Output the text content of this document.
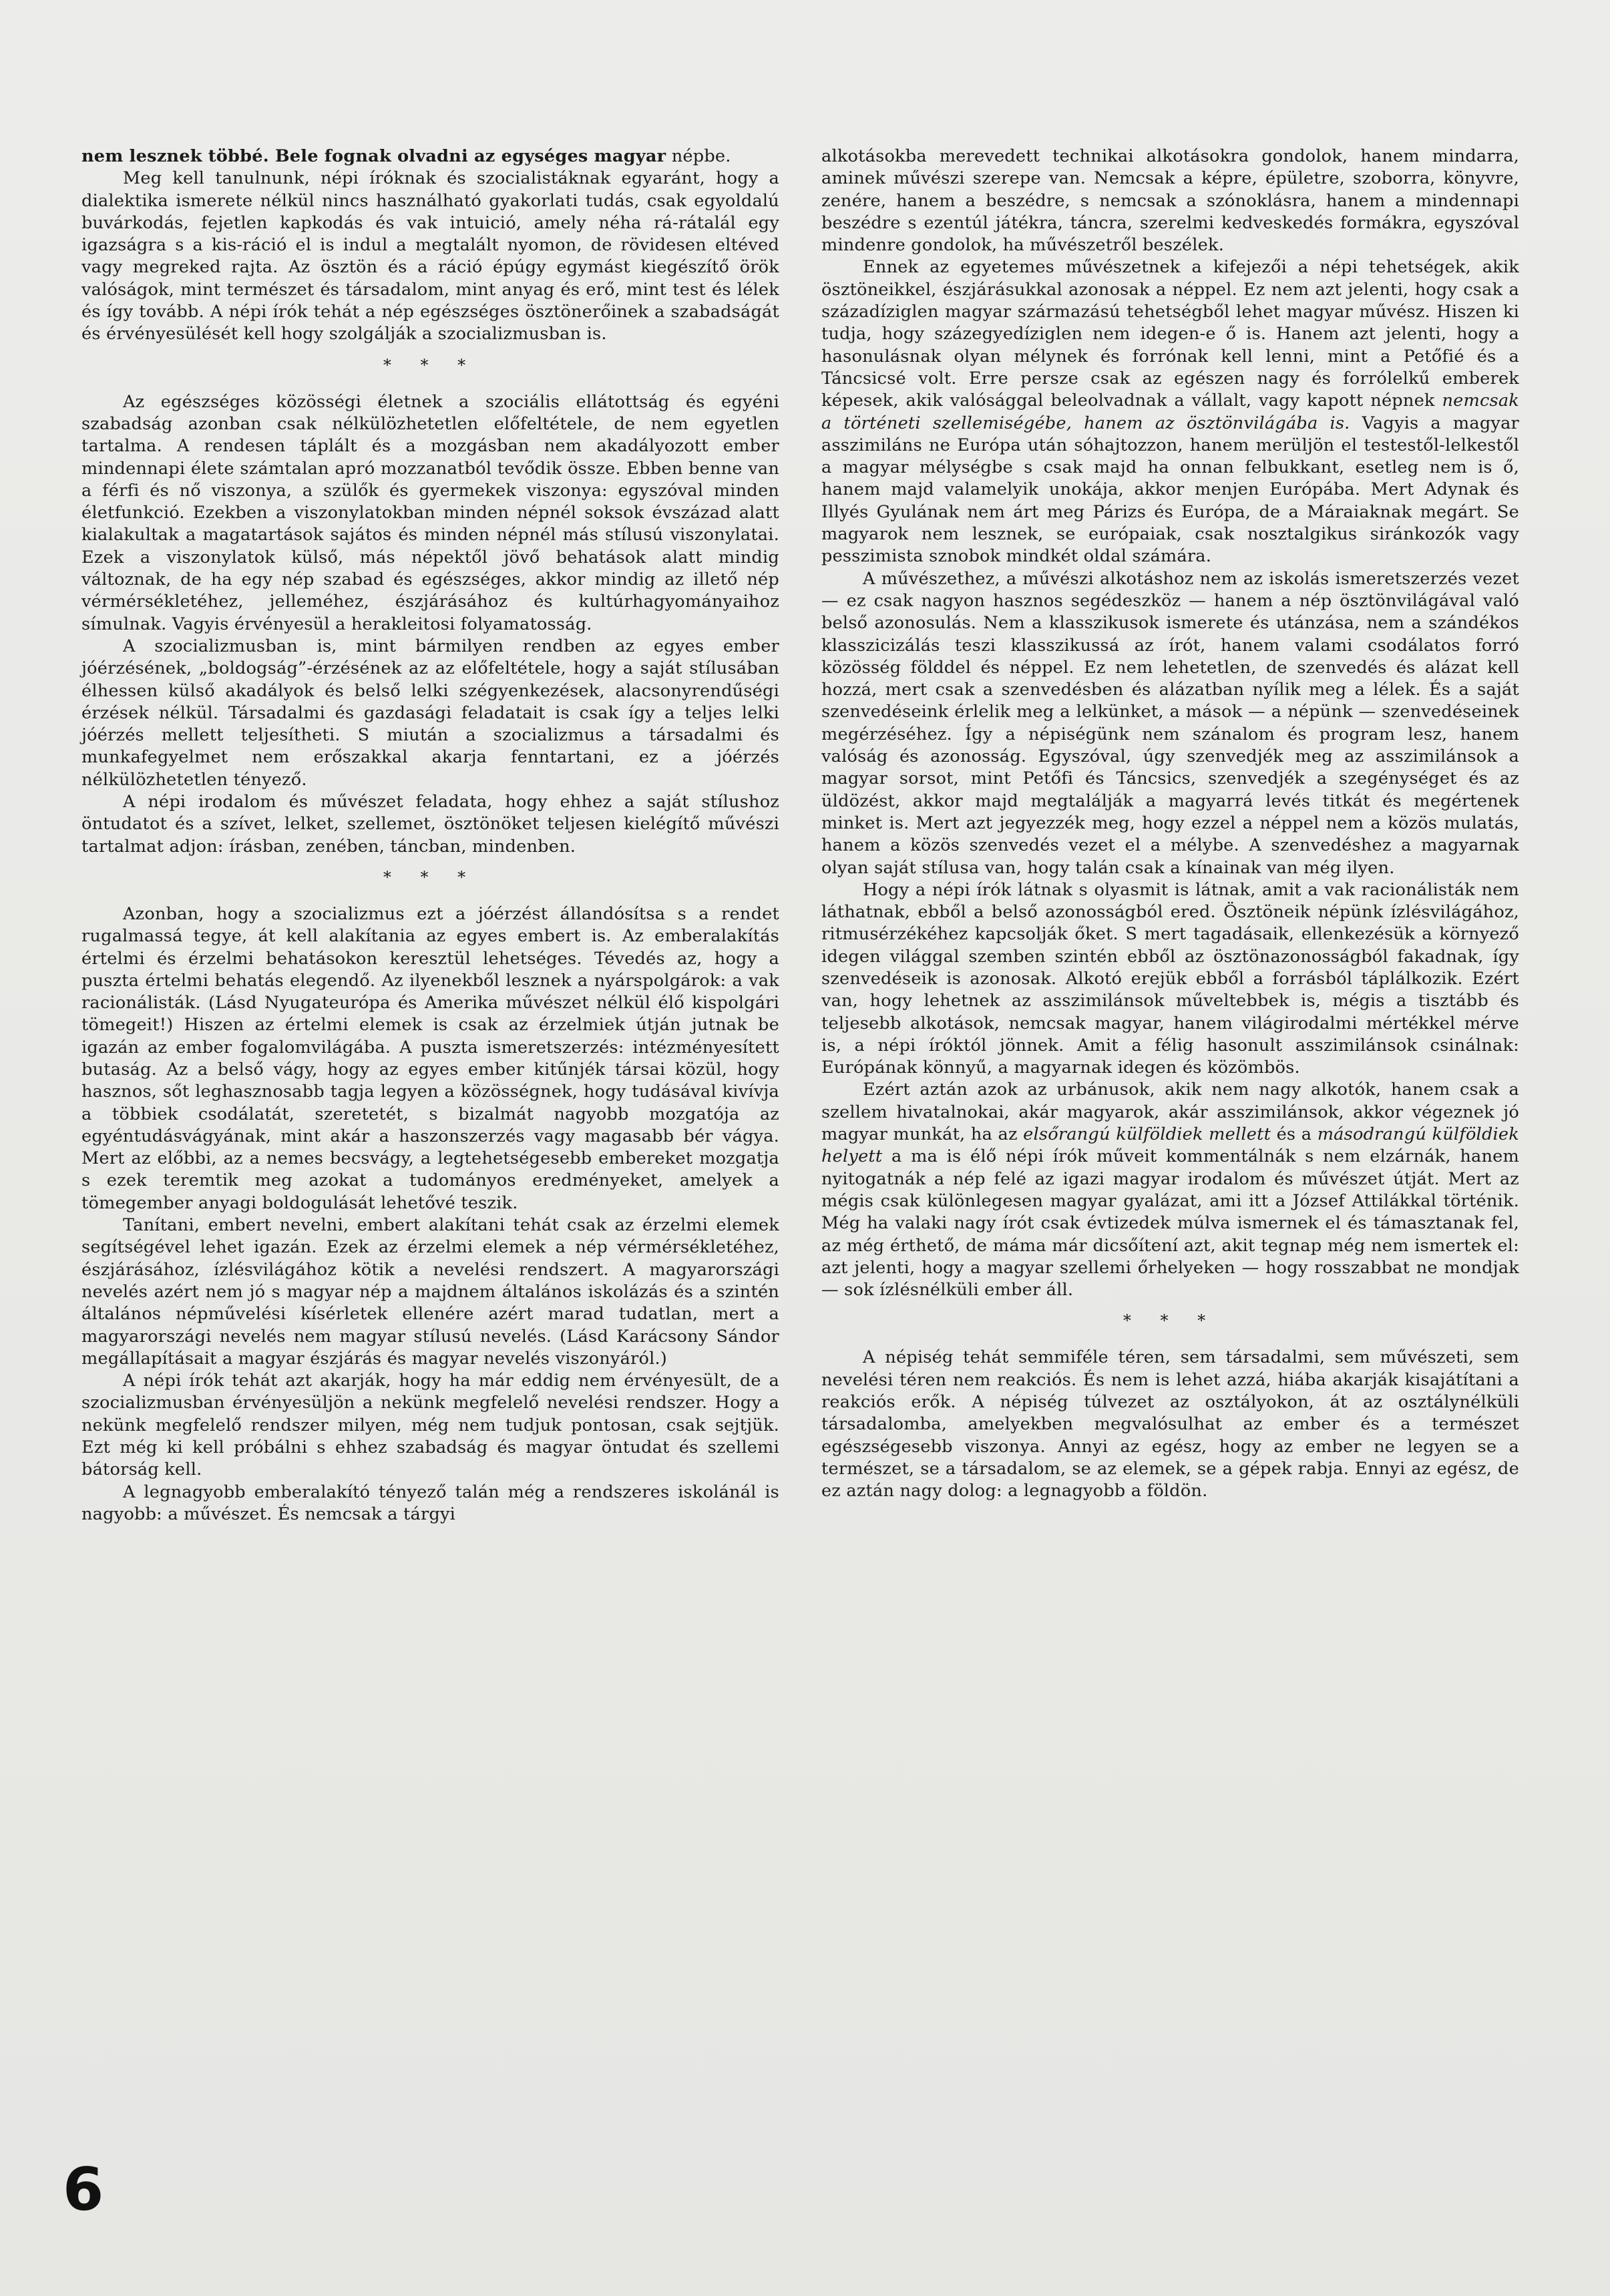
nem lesznek többé. Bele fognak olvadni az egységes magyar népbe.

Meg kell tanulnunk, népi íróknak és szocialistáknak egyaránt, hogy a dialektika ismerete nélkül nincs használható gyakorlati tudás, csak egyoldalú buvárkodás, fejetlen kapkodás és vak intuició, amely néha rá-rátalál egy igazságra s a kis-ráció el is indul a megtalált nyomon, de rövidesen eltéved vagy megreked rajta. Az ösztön és a ráció épúgy egymást kiegészítő örök valóságok, mint természet és társadalom, mint anyag és erő, mint test és lélek és így tovább. A népi írók tehát a nép egészséges ösztönerőinek a szabadságát és érvényesülését kell hogy szolgálják a szocializmusban is.

* * *

Az egészséges közösségi életnek a szociális ellátottság és egyéni szabadság azonban csak nélkülözhetetlen előfeltétele, de nem egyetlen tartalma. A rendesen táplált és a mozgásban nem akadályozott ember mindennapi élete számtalan apró mozzanatból tevődik össze. Ebben benne van a férfi és nő viszonya, a szülők és gyermekek viszonya: egyszóval minden életfunkció. Ezekben a viszonylatokban minden népnél soksok évszázad alatt kialakultak a magatartások sajátos és minden népnél más stílusú viszonylatai. Ezek a viszonylatok külső, más népektől jövő behatások alatt mindig változnak, de ha egy nép szabad és egészséges, akkor mindig az illető nép vérmérsékletéhez, jelleméhez, észjárásához és kultúrhagyományaihoz símulnak. Vagyis érvényesül a herakleitosi folyamatosság.

A szocializmusban is, mint bármilyen rendben az egyes ember jóérzésének, „boldogság”-érzésének az az előfeltétele, hogy a saját stílusában élhessen külső akadályok és belső lelki szégyenkezések, alacsonyrendűségi érzések nélkül. Társadalmi és gazdasági feladatait is csak így a teljes lelki jóérzés mellett teljesítheti. S miután a szocializmus a társadalmi és munkafegyelmet nem erőszakkal akarja fenntartani, ez a jóérzés nélkülözhetetlen tényező.

A népi irodalom és művészet feladata, hogy ehhez a saját stílushoz öntudatot és a szívet, lelket, szellemet, ösztönöket teljesen kielégítő művészi tartalmat adjon: írásban, zenében, táncban, mindenben.

* * *

Azonban, hogy a szocializmus ezt a jóérzést állandósítsa s a rendet rugalmassá tegye, át kell alakítania az egyes embert is. Az emberalakítás értelmi és érzelmi behatásokon keresztül lehetséges. Tévedés az, hogy a puszta értelmi behatás elegendő. Az ilyenekből lesznek a nyárspolgárok: a vak racionálisták. (Lásd Nyugateurópa és Amerika művészet nélkül élő kispolgári tömegeit!) Hiszen az értelmi elemek is csak az érzelmiek útján jutnak be igazán az ember fogalomvilágába. A puszta ismeretszerzés: intézményesített butaság. Az a belső vágy, hogy az egyes ember kitűnjék társai közül, hogy hasznos, sőt leghasznosabb tagja legyen a közösségnek, hogy tudásával kivívja a többiek csodálatát, szeretetét, s bizalmát nagyobb mozgatója az egyéntudásvágyának, mint akár a haszonszerzés vagy magasabb bér vágya. Mert az előbbi, az a nemes becsvágy, a legtehetségesebb embereket mozgatja s ezek teremtik meg azokat a tudományos eredményeket, amelyek a tömegember anyagi boldogulását lehetővé teszik.

Tanítani, embert nevelni, embert alakítani tehát csak az érzelmi elemek segítségével lehet igazán. Ezek az érzelmi elemek a nép vérmérsékletéhez, észjárásához, ízlésvilágához kötik a nevelési rendszert. A magyarországi nevelés azért nem jó s magyar nép a majdnem általános iskolázás és a szintén általános népművelési kísérletek ellenére azért marad tudatlan, mert a magyarországi nevelés nem magyar stílusú nevelés. (Lásd Karácsony Sándor megállapításait a magyar észjárás és magyar nevelés viszonyáról.)

A népi írók tehát azt akarják, hogy ha már eddig nem érvényesült, de a szocializmusban érvényesüljön a nekünk megfelelő nevelési rendszer. Hogy a nekünk megfelelő rendszer milyen, még nem tudjuk pontosan, csak sejtjük. Ezt még ki kell próbálni s ehhez szabadság és magyar öntudat és szellemi bátorság kell.

A legnagyobb emberalakító tényező talán még a rendszeres iskolánál is nagyobb: a művészet. És nemcsak a tárgyi

alkotásokba merevedett technikai alkotásokra gondolok, hanem mindarra, aminek művészi szerepe van. Nemcsak a képre, épületre, szoborra, könyvre, zenére, hanem a beszédre, s nemcsak a szónoklásra, hanem a mindennapi beszédre s ezentúl játékra, táncra, szerelmi kedveskedés formákra, egyszóval mindenre gondolok, ha művészetről beszélek.

Ennek az egyetemes művészetnek a kifejezői a népi tehetségek, akik ösztöneikkel, észjárásukkal azonosak a néppel. Ez nem azt jelenti, hogy csak a századíziglen magyar származású tehetségből lehet magyar művész. Hiszen ki tudja, hogy százegyedíziglen nem idegen-e ő is. Hanem azt jelenti, hogy a hasonulásnak olyan mélynek és forrónak kell lenni, mint a Petőfié és a Táncsicsé volt. Erre persze csak az egészen nagy és forrólelkű emberek képesek, akik valósággal beleolvadnak a vállalt, vagy kapott népnek nemcsak a történeti szellemiségébe, hanem az ösztönvilágába is. Vagyis a magyar asszimiláns ne Európa után sóhajtozzon, hanem merüljön el testestől-lelkestől a magyar mélységbe s csak majd ha onnan felbukkant, esetleg nem is ő, hanem majd valamelyik unokája, akkor menjen Európába. Mert Adynak és Illyés Gyulának nem árt meg Párizs és Európa, de a Máraiaknak megárt. Se magyarok nem lesznek, se európaiak, csak nosztalgikus siránkozók vagy pesszimista sznobok mindkét oldal számára.

A művészethez, a művészi alkotáshoz nem az iskolás ismeretszerzés vezet — ez csak nagyon hasznos segédeszköz — hanem a nép ösztönvilágával való belső azonosulás. Nem a klasszikusok ismerete és utánzása, nem a szándékos klasszicizálás teszi klasszikussá az írót, hanem valami csodálatos forró közösség földdel és néppel. Ez nem lehetetlen, de szenvedés és alázat kell hozzá, mert csak a szenvedésben és alázatban nyílik meg a lélek. És a saját szenvedéseink érlelik meg a lelkünket, a mások — a népünk — szenvedéseinek megérzéséhez. Így a népiségünk nem szánalom és program lesz, hanem valóság és azonosság. Egyszóval, úgy szenvedjék meg az asszimilánsok a magyar sorsot, mint Petőfi és Táncsics, szenvedjék a szegénységet és az üldözést, akkor majd megtalálják a magyarrá levés titkát és megértenek minket is. Mert azt jegyezzék meg, hogy ezzel a néppel nem a közös mulatás, hanem a közös szenvedés vezet el a mélybe. A szenvedéshez a magyarnak olyan saját stílusa van, hogy talán csak a kínainak van még ilyen.

Hogy a népi írók látnak s olyasmit is látnak, amit a vak racionálisták nem láthatnak, ebből a belső azonosságból ered. Ösztöneik népünk ízlésvilágához, ritmusérzékéhez kapcsolják őket. S mert tagadásaik, ellenkezésük a környező idegen világgal szemben szintén ebből az ösztönazonosságból fakadnak, így szenvedéseik is azonosak. Alkotó erejük ebből a forrásból táplálkozik. Ezért van, hogy lehetnek az asszimilánsok műveltebbek is, mégis a tisztább és teljesebb alkotások, nemcsak magyar, hanem világirodalmi mértékkel mérve is, a népi íróktól jönnek. Amit a félig hasonult asszimilánsok csinálnak: Európának könnyű, a magyarnak idegen és közömbös.

Ezért aztán azok az urbánusok, akik nem nagy alkotók, hanem csak a szellem hivatalnokai, akár magyarok, akár asszimilánsok, akkor végeznek jó magyar munkát, ha az elsőrangú külföldiek mellett és a másodrangú külföldiek helyett a ma is élő népi írók műveit kommentálnák s nem elzárnák, hanem nyitogatnák a nép felé az igazi magyar irodalom és művészet útját. Mert az mégis csak különlegesen magyar gyalázat, ami itt a József Attilákkal történik. Még ha valaki nagy írót csak évtizedek múlva ismernek el és támasztanak fel, az még érthető, de máma már dicsőítení azt, akit tegnap még nem ismertek el: azt jelenti, hogy a magyar szellemi őrhelyeken — hogy rosszabbat ne mondjak — sok ízlésnélküli ember áll.

* * *

A népiség tehát semmiféle téren, sem társadalmi, sem művészeti, sem nevelési téren nem reakciós. És nem is lehet azzá, hiába akarják kisajátítani a reakciós erők. A népiség túlvezet az osztályokon, át az osztálynélküli társadalomba, amelyekben megvalósulhat az ember és a természet egészségesebb viszonya. Annyi az egész, hogy az ember ne legyen se a természet, se a társadalom, se az elemek, se a gépek rabja. Ennyi az egész, de ez aztán nagy dolog: a legnagyobb a földön.

6
